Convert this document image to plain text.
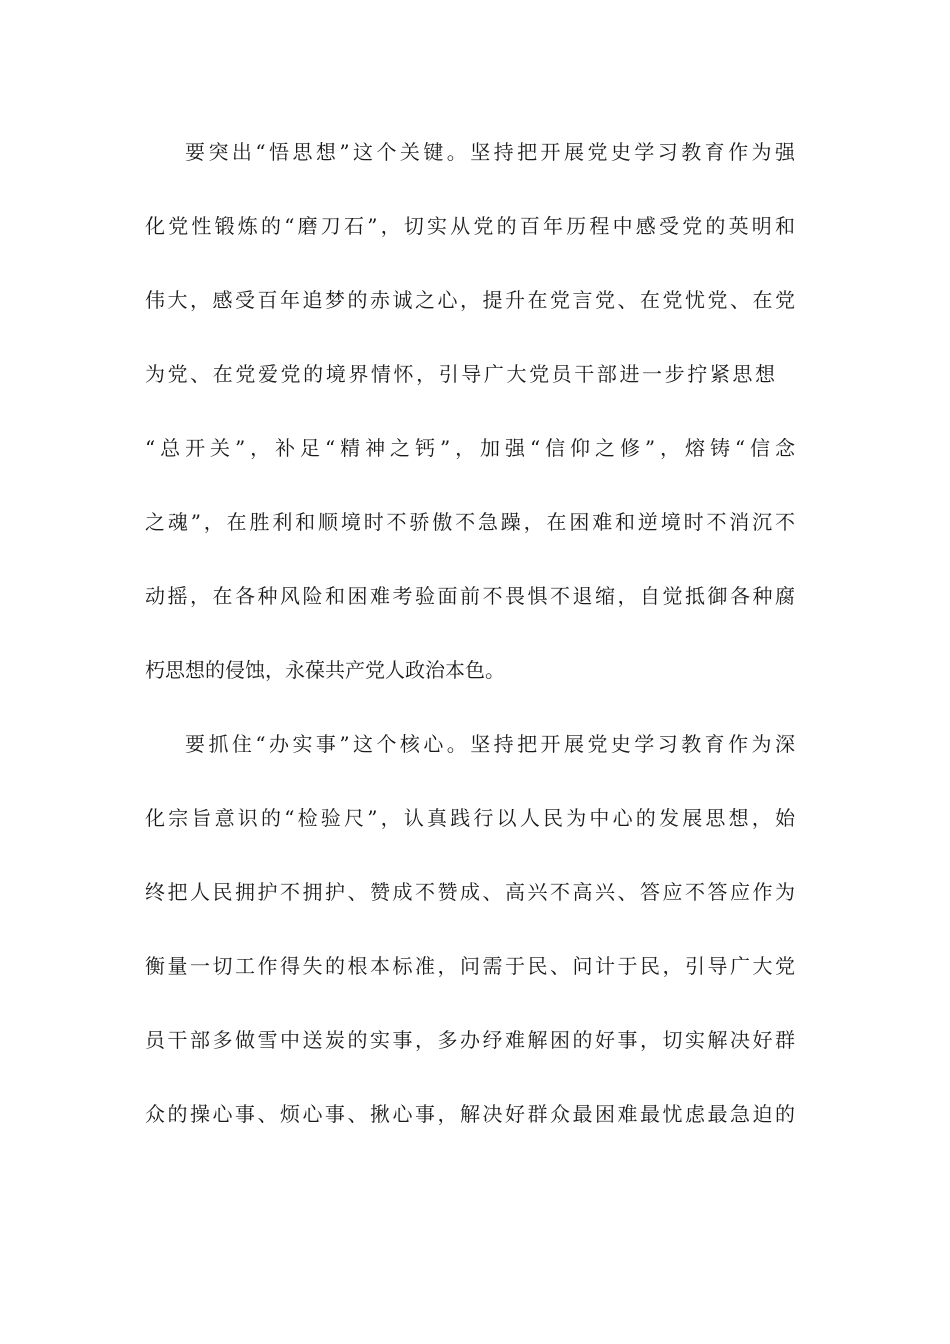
要突出“悟思想”这个关键。坚持把开展党史学习教育作为强
化党性锻炼的“磨刀石”，切实从党的百年历程中感受党的英明和
伟大，感受百年追梦的赤诚之心，提升在党言党、在党忧党、在党
为党、在党爱党的境界情怀，引导广大党员干部进一步拧紧思想
“总开关”，补足“精神之钙”，加强“信仰之修”，熔铸“信念
之魂”，在胜利和顺境时不骄傲不急躁，在困难和逆境时不消沉不
动摇，在各种风险和困难考验面前不畏惧不退缩，自觉抵御各种腐
朽思想的侵蚀，永葆共产党人政治本色。
要抓住“办实事”这个核心。坚持把开展党史学习教育作为深
化宗旨意识的“检验尺”，认真践行以人民为中心的发展思想，始
终把人民拥护不拥护、赞成不赞成、高兴不高兴、答应不答应作为
衡量一切工作得失的根本标准，问需于民、问计于民，引导广大党
员干部多做雪中送炭的实事，多办纾难解困的好事，切实解决好群
众的操心事、烦心事、揪心事，解决好群众最困难最忧虑最急迫的
